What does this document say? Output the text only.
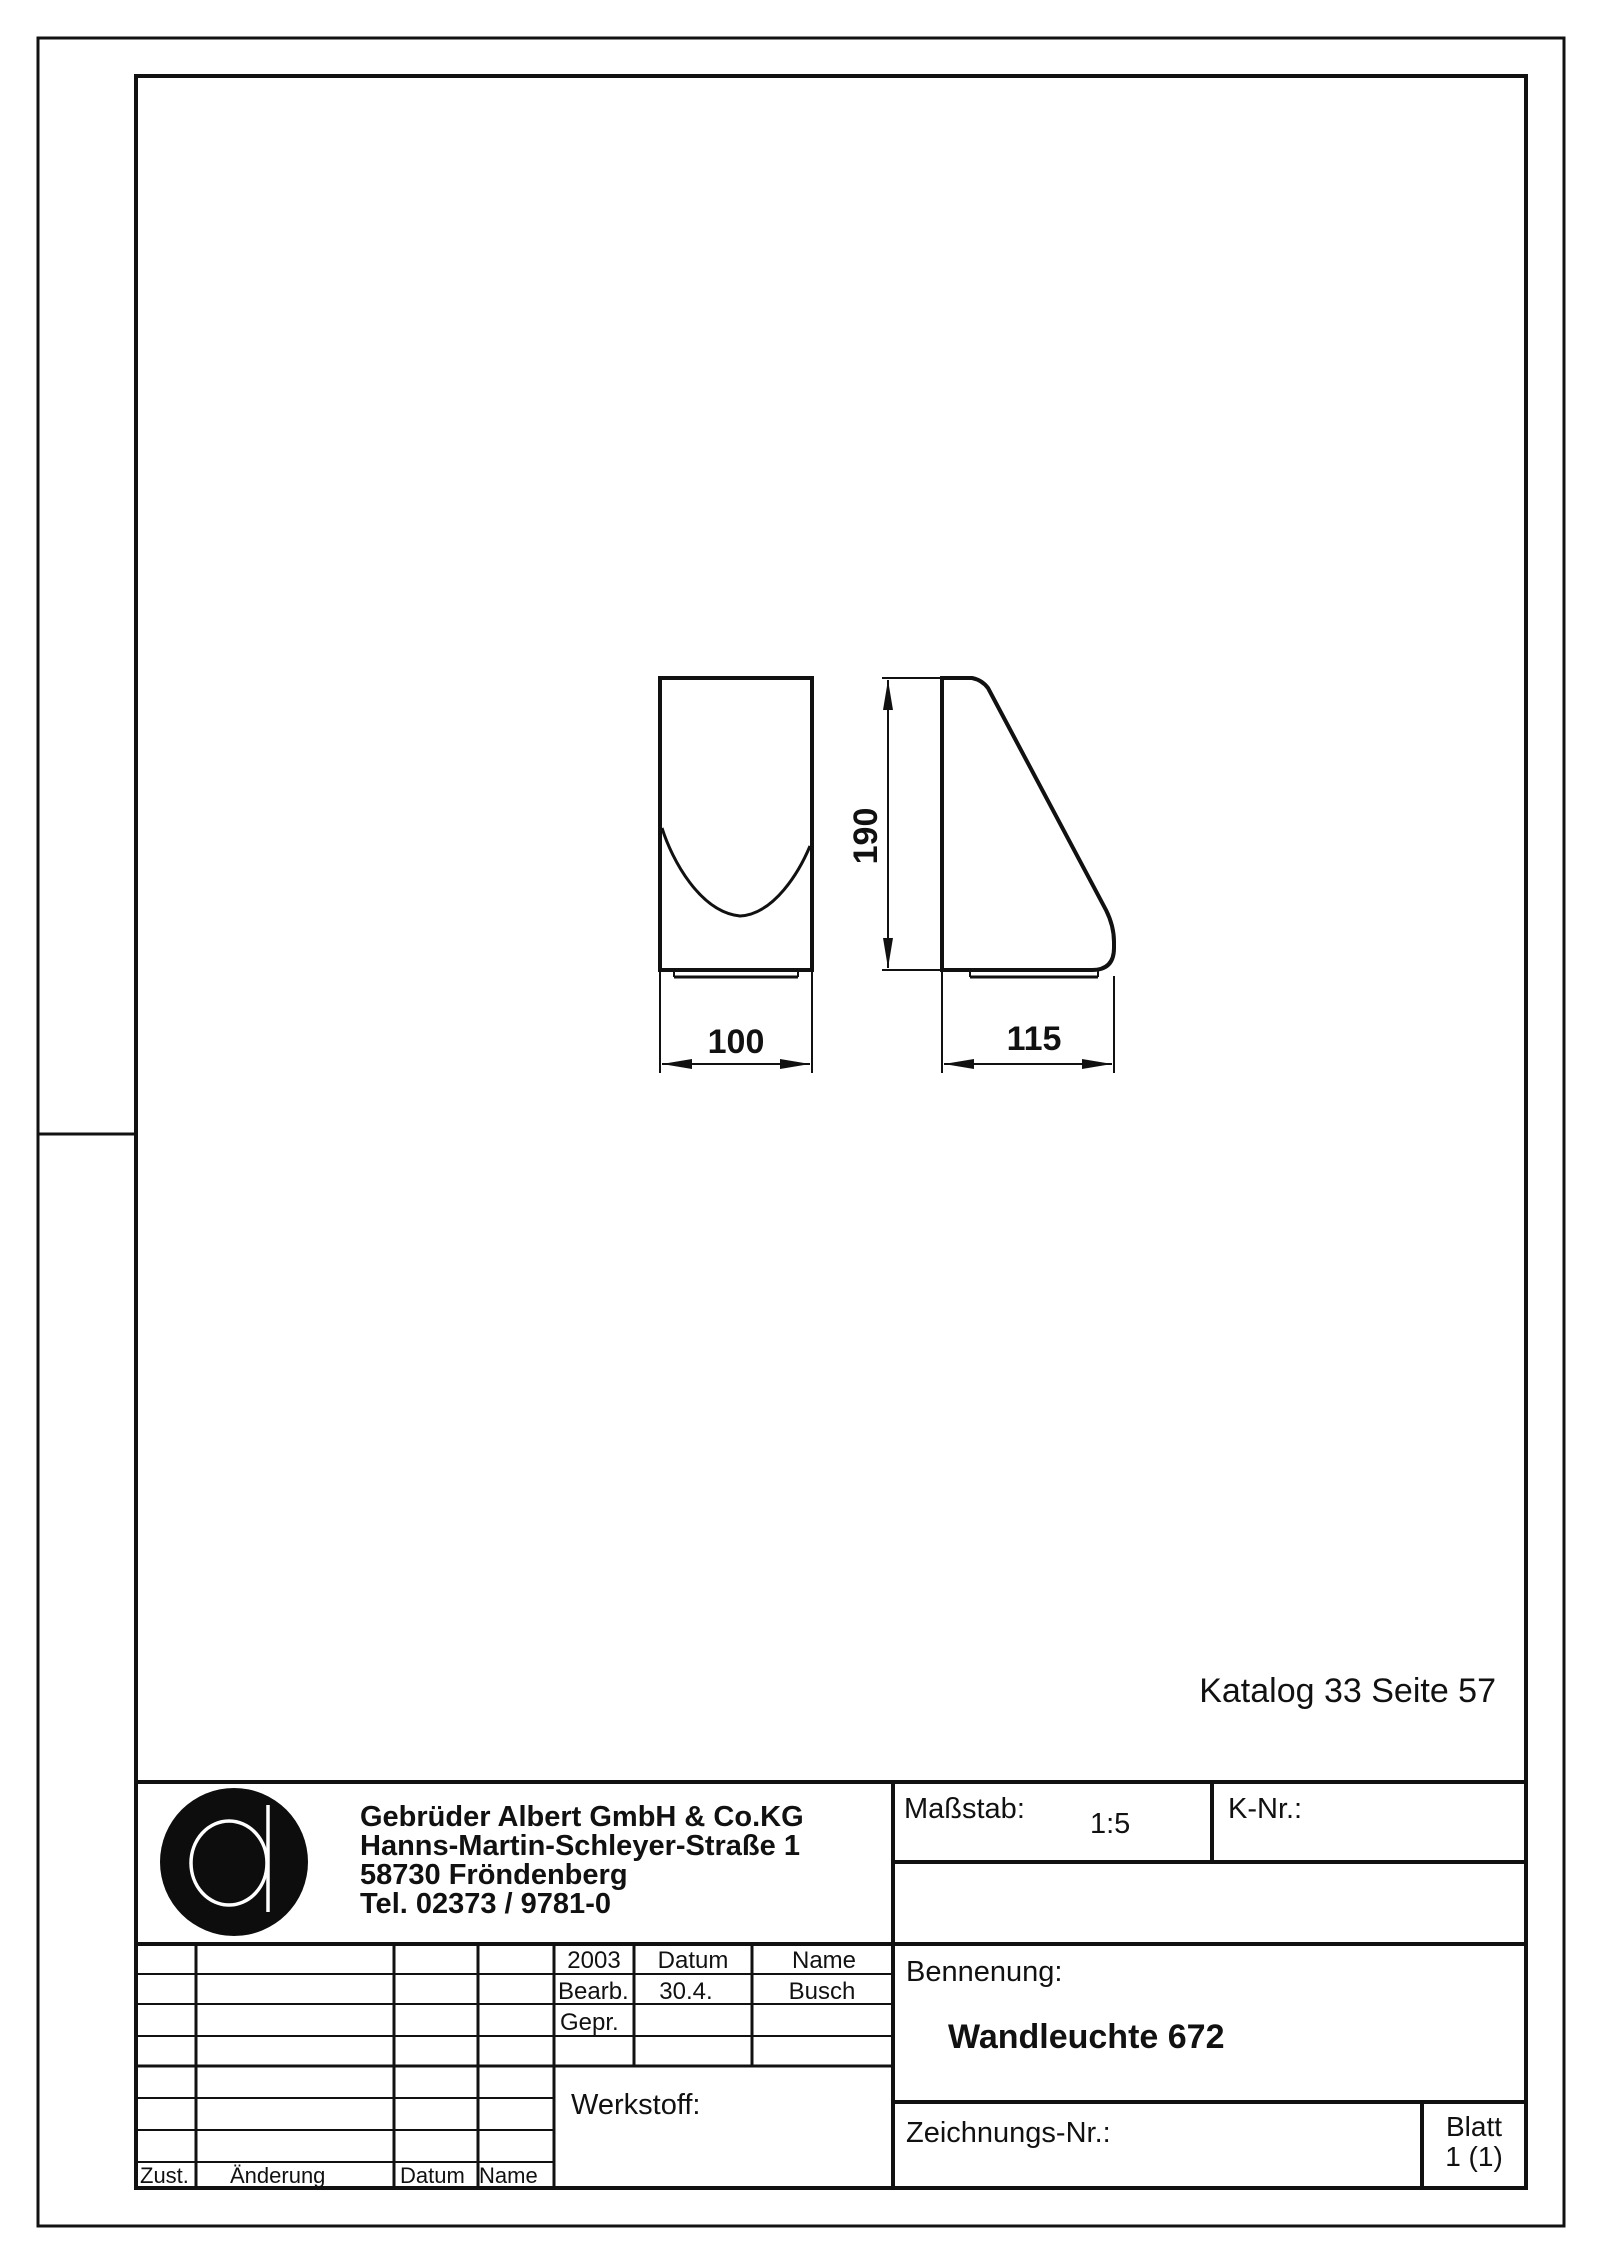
100
190
115
Katalog 33 Seite 57
Gebrüder Albert GmbH & Co.KG
Hanns-Martin-Schleyer-Straße 1
58730 Fröndenberg
Tel. 02373 / 9781-0
Maßstab: 1:5	K-Nr.:
Bennenung:
Wandleuchte 672
Zeichnungs-Nr.:	Blatt
1 (1)
Werkstoff:
2003 Datum	Name
Bearb. 30.4.	Busch
Gepr.
Zust. Änderung	Datum Name
